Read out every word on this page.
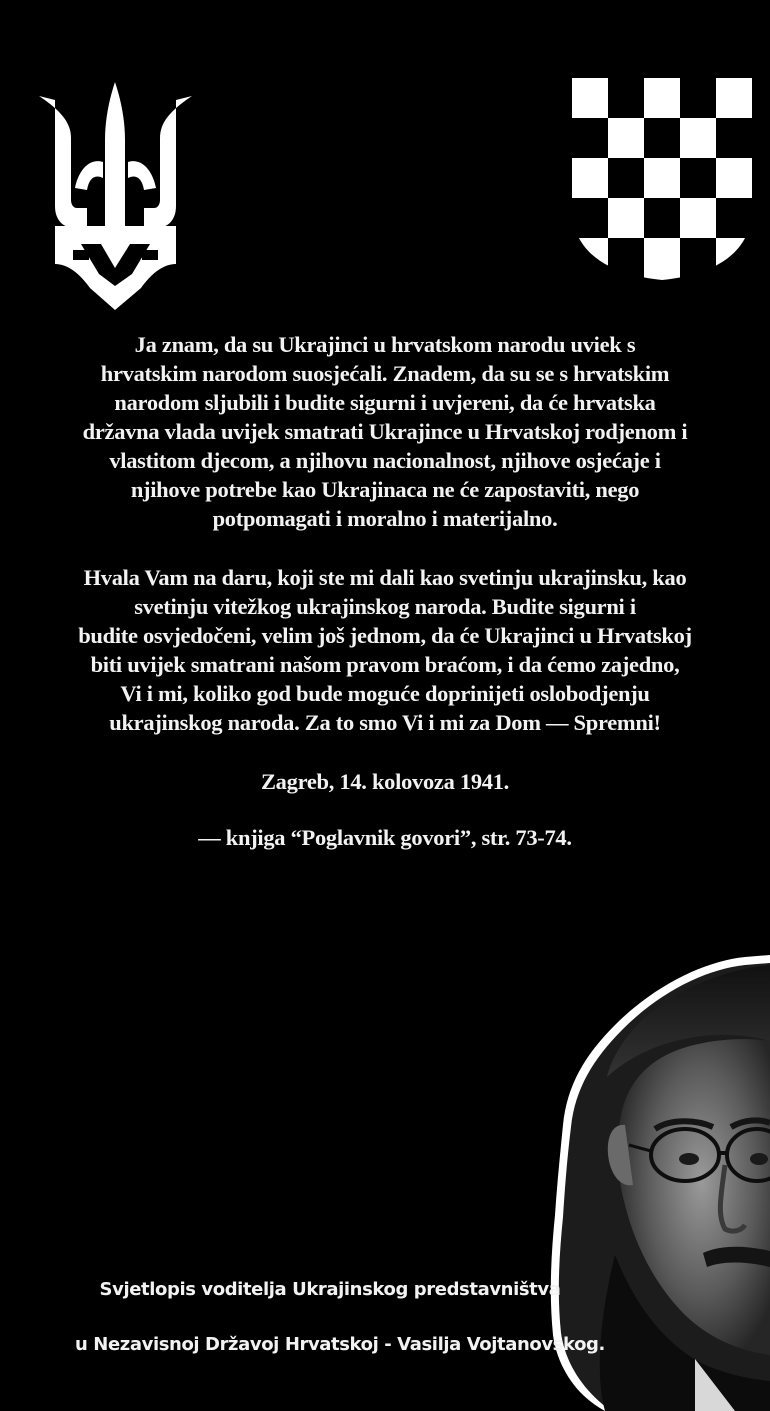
Ja znam, da su Ukrajinci u hrvatskom narodu uviek s
hrvatskim narodom suosjećali. Znadem, da su se s hrvatskim
narodom sljubili i budite sigurni i uvjereni, da će hrvatska
državna vlada uvijek smatrati Ukrajince u Hrvatskoj rodjenom i
vlastitom djecom, a njihovu nacionalnost, njihove osjećaje i
njihove potrebe kao Ukrajinaca ne će zapostaviti, nego
potpomagati i moralno i materijalno.
Hvala Vam na daru, koji ste mi dali kao svetinju ukrajinsku, kao
svetinju vitežkog ukrajinskog naroda. Budite sigurni i
budite osvjedočeni, velim još jednom, da će Ukrajinci u Hrvatskoj
biti uvijek smatrani našom pravom braćom, i da ćemo zajedno,
Vi i mi, koliko god bude moguće doprinijeti oslobodjenju
ukrajinskog naroda. Za to smo Vi i mi za Dom — Spremni!
Zagreb, 14. kolovoza 1941.
— knjiga “Poglavnik govori”, str. 73-74.
Svjetlopis voditelja Ukrajinskog predstavništva
u Nezavisnoj Državoj Hrvatskoj - Vasilja Vojtanovskog.
